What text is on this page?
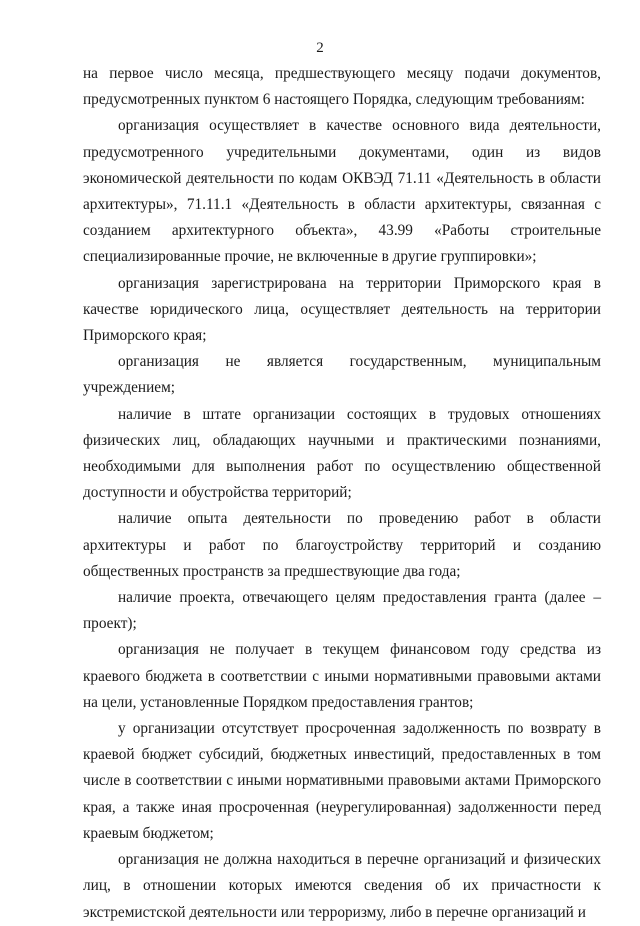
2

на первое число месяца, предшествующего месяцу подачи документов, предусмотренных пунктом 6 настоящего Порядка, следующим требованиям:

организация осуществляет в качестве основного вида деятельности, предусмотренного учредительными документами, один из видов экономической деятельности по кодам ОКВЭД 71.11 «Деятельность в области архитектуры», 71.11.1 «Деятельность в области архитектуры, связанная с созданием архитектурного объекта», 43.99 «Работы строительные специализированные прочие, не включенные в другие группировки»;

организация зарегистрирована на территории Приморского края в качестве юридического лица, осуществляет деятельность на территории Приморского края;

организация не является государственным, муниципальным учреждением;

наличие в штате организации состоящих в трудовых отношениях физических лиц, обладающих научными и практическими познаниями, необходимыми для выполнения работ по осуществлению общественной доступности и обустройства территорий;

наличие опыта деятельности по проведению работ в области архитектуры и работ по благоустройству территорий и созданию общественных пространств за предшествующие два года;

наличие проекта, отвечающего целям предоставления гранта (далее – проект);

организация не получает в текущем финансовом году средства из краевого бюджета в соответствии с иными нормативными правовыми актами на цели, установленные Порядком предоставления грантов;

у организации отсутствует просроченная задолженность по возврату в краевой бюджет субсидий, бюджетных инвестиций, предоставленных в том числе в соответствии с иными нормативными правовыми актами Приморского края, а также иная просроченная (неурегулированная) задолженности перед краевым бюджетом;

организация не должна находиться в перечне организаций и физических лиц, в отношении которых имеются сведения об их причастности к экстремистской деятельности или терроризму, либо в перечне организаций и
